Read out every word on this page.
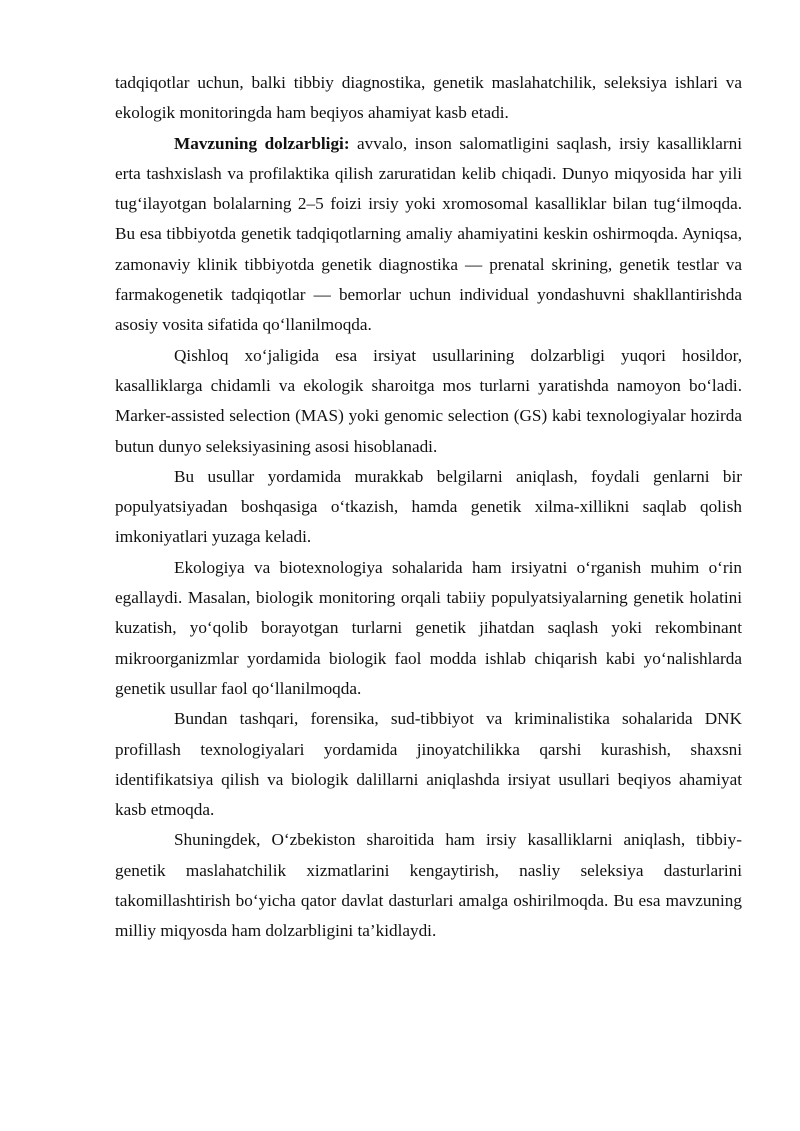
tadqiqotlar uchun, balki tibbiy diagnostika, genetik maslahatchilik, seleksiya ishlari va ekologik monitoringda ham beqiyos ahamiyat kasb etadi.

Mavzuning dolzarbligi: avvalo, inson salomatligini saqlash, irsiy kasalliklarni erta tashxislash va profilaktika qilish zaruratidan kelib chiqadi. Dunyo miqyosida har yili tug‘ilayotgan bolalarning 2–5 foizi irsiy yoki xromosomal kasalliklar bilan tug‘ilmoqda. Bu esa tibbiyotda genetik tadqiqotlarning amaliy ahamiyatini keskin oshirmoqda. Ayniqsa, zamonaviy klinik tibbiyotda genetik diagnostika — prenatal skrining, genetik testlar va farmakogenetik tadqiqotlar — bemorlar uchun individual yondashuvni shakllantirishda asosiy vosita sifatida qo‘llanilmoqda.

Qishloq xo‘jaligida esa irsiyat usullarining dolzarbligi yuqori hosildor, kasalliklarga chidamli va ekologik sharoitga mos turlarni yaratishda namoyon bo‘ladi. Marker-assisted selection (MAS) yoki genomic selection (GS) kabi texnologiyalar hozirda butun dunyo seleksiyasining asosi hisoblanadi.

Bu usullar yordamida murakkab belgilarni aniqlash, foydali genlarni bir populyatsiyadan boshqasiga o‘tkazish, hamda genetik xilma-xillikni saqlab qolish imkoniyatlari yuzaga keladi.

Ekologiya va biotexnologiya sohalarida ham irsiyatni o‘rganish muhim o‘rin egallaydi. Masalan, biologik monitoring orqali tabiiy populyatsiyalarning genetik holatini kuzatish, yo‘qolib borayotgan turlarni genetik jihatdan saqlash yoki rekombinant mikroorganizmlar yordamida biologik faol modda ishlab chiqarish kabi yo‘nalishlarda genetik usullar faol qo‘llanilmoqda.

Bundan tashqari, forensika, sud-tibbiyot va kriminalistika sohalarida DNK profillash texnologiyalari yordamida jinoyatchilikka qarshi kurashish, shaxsni identifikatsiya qilish va biologik dalillarni aniqlashda irsiyat usullari beqiyos ahamiyat kasb etmoqda.

Shuningdek, O‘zbekiston sharoitida ham irsiy kasalliklarni aniqlash, tibbiy-genetik maslahatchilik xizmatlarini kengaytirish, nasliy seleksiya dasturlarini takomillashtirish bo‘yicha qator davlat dasturlari amalga oshirilmoqda. Bu esa mavzuning milliy miqyosda ham dolzarbligini ta’kidlaydi.
